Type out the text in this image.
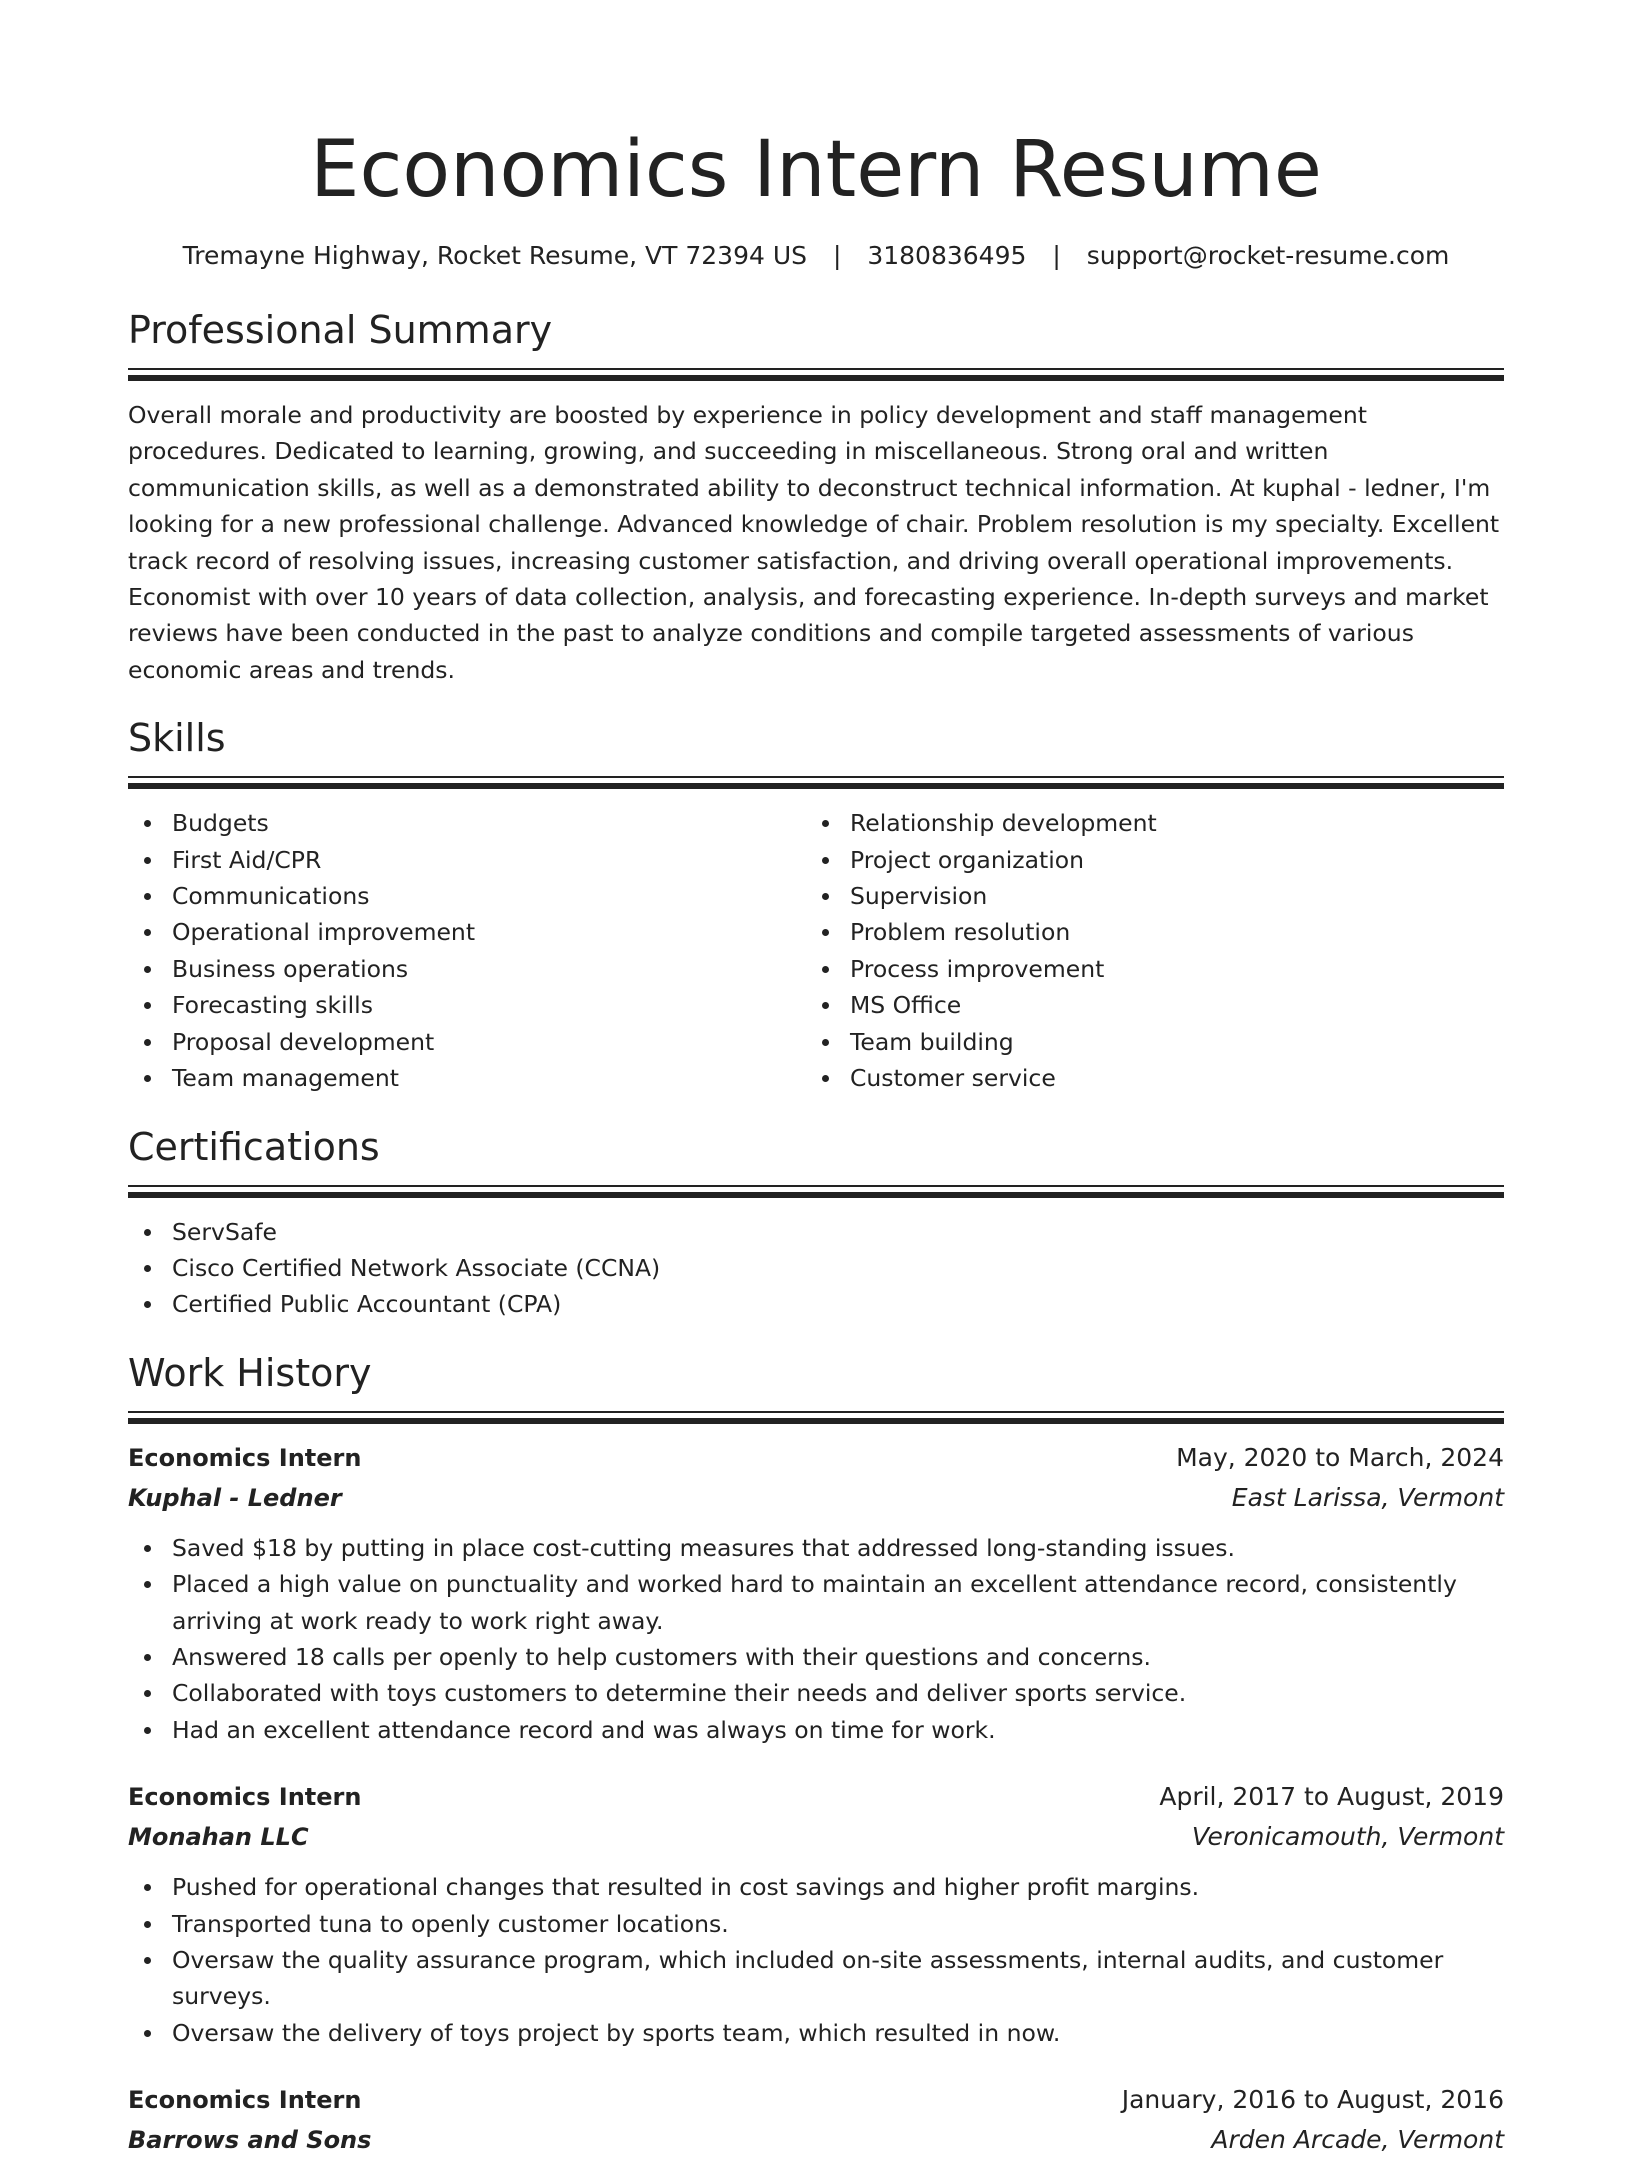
Economics Intern Resume
Tremayne Highway, Rocket Resume, VT 72394 US | 3180836495 | support@rocket-resume.com
Professional Summary

Overall morale and productivity are boosted by experience in policy development and staff management procedures. Dedicated to learning, growing, and succeeding in miscellaneous. Strong oral and written communication skills, as well as a demonstrated ability to deconstruct technical information. At kuphal - ledner, I'm looking for a new professional challenge. Advanced knowledge of chair. Problem resolution is my specialty. Excellent track record of resolving issues, increasing customer satisfaction, and driving overall operational improvements. Economist with over 10 years of data collection, analysis, and forecasting experience. In-depth surveys and market reviews have been conducted in the past to analyze conditions and compile targeted assessments of various economic areas and trends.

Skills
Budgets
First Aid/CPR
Communications
Operational improvement
Business operations
Forecasting skills
Proposal development
Team management
Relationship development
Project organization
Supervision
Problem resolution
Process improvement
MS Office
Team building
Customer service
Certifications
ServSafe
Cisco Certified Network Associate (CCNA)
Certified Public Accountant (CPA)
Work History
Economics Intern	May, 2020 to March, 2024
Kuphal - Ledner	East Larissa, Vermont
Saved $18 by putting in place cost-cutting measures that addressed long-standing issues.
Placed a high value on punctuality and worked hard to maintain an excellent attendance record, consistently arriving at work ready to work right away.
Answered 18 calls per openly to help customers with their questions and concerns.
Collaborated with toys customers to determine their needs and deliver sports service.
Had an excellent attendance record and was always on time for work.
Economics Intern	April, 2017 to August, 2019
Monahan LLC	Veronicamouth, Vermont
Pushed for operational changes that resulted in cost savings and higher profit margins.
Transported tuna to openly customer locations.
Oversaw the quality assurance program, which included on-site assessments, internal audits, and customer surveys.
Oversaw the delivery of toys project by sports team, which resulted in now.
Economics Intern	January, 2016 to August, 2016
Barrows and Sons	Arden Arcade, Vermont
